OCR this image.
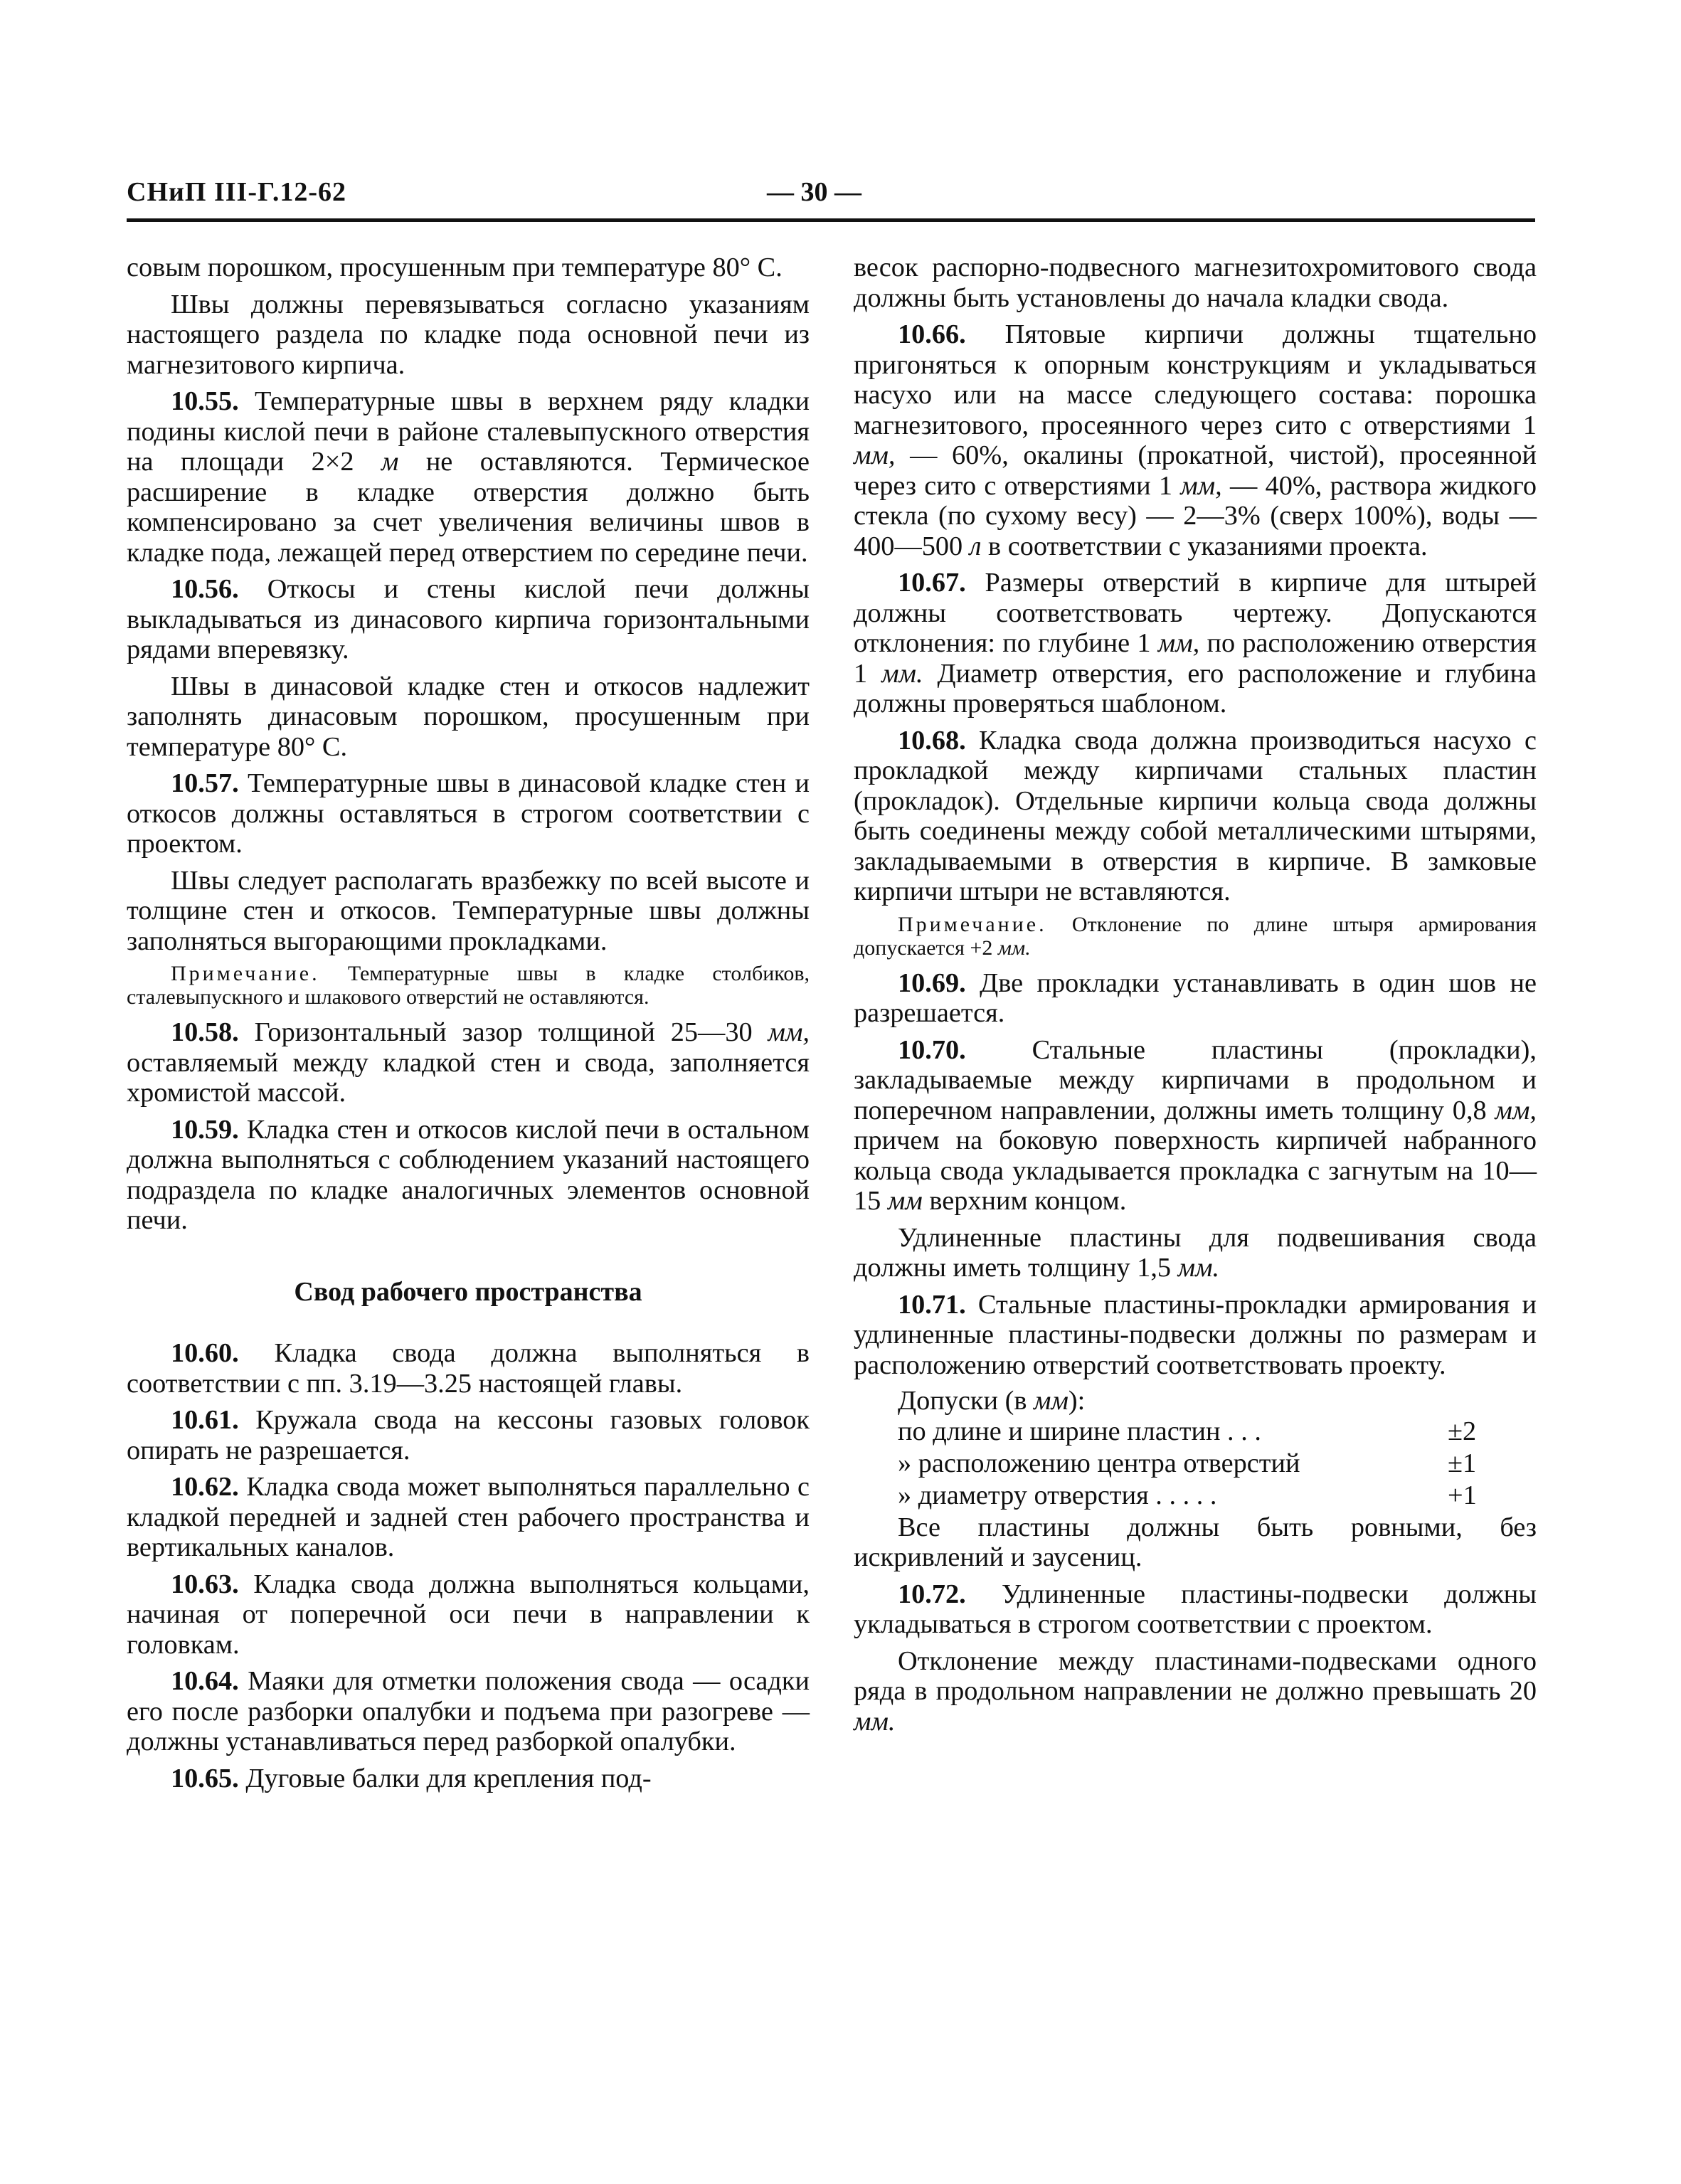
СНиП III-Г.12-62	— 30 —

совым порошком, просушенным при температуре 80° С.

Швы должны перевязываться согласно указаниям настоящего раздела по кладке пода основной печи из магнезитового кирпича.

10.55. Температурные швы в верхнем ряду кладки подины кислой печи в районе сталевыпускного отверстия на площади 2×2 м не оставляются. Термическое расширение в кладке отверстия должно быть компенсировано за счет увеличения величины швов в кладке пода, лежащей перед отверстием по середине печи.

10.56. Откосы и стены кислой печи должны выкладываться из динасового кирпича горизонтальными рядами вперевязку.

Швы в динасовой кладке стен и откосов надлежит заполнять динасовым порошком, просушенным при температуре 80° С.

10.57. Температурные швы в динасовой кладке стен и откосов должны оставляться в строгом соответствии с проектом.

Швы следует располагать вразбежку по всей высоте и толщине стен и откосов. Температурные швы должны заполняться выгорающими прокладками.

Примечание. Температурные швы в кладке столбиков, сталевыпускного и шлакового отверстий не оставляются.

10.58. Горизонтальный зазор толщиной 25—30 мм, оставляемый между кладкой стен и свода, заполняется хромистой массой.

10.59. Кладка стен и откосов кислой печи в остальном должна выполняться с соблюдением указаний настоящего подраздела по кладке аналогичных элементов основной печи.

Свод рабочего пространства

10.60. Кладка свода должна выполняться в соответствии с пп. 3.19—3.25 настоящей главы.

10.61. Кружала свода на кессоны газовых головок опирать не разрешается.

10.62. Кладка свода может выполняться параллельно с кладкой передней и задней стен рабочего пространства и вертикальных каналов.

10.63. Кладка свода должна выполняться кольцами, начиная от поперечной оси печи в направлении к головкам.

10.64. Маяки для отметки положения свода — осадки его после разборки опалубки и подъема при разогреве — должны устанавливаться перед разборкой опалубки.

10.65. Дуговые балки для крепления под-

весок распорно-подвесного магнезитохромитового свода должны быть установлены до начала кладки свода.

10.66. Пятовые кирпичи должны тщательно пригоняться к опорным конструкциям и укладываться насухо или на массе следующего состава: порошка магнезитового, просеянного через сито с отверстиями 1 мм, — 60%, окалины (прокатной, чистой), просеянной через сито с отверстиями 1 мм, — 40%, раствора жидкого стекла (по сухому весу) — 2—3% (сверх 100%), воды — 400—500 л в соответствии с указаниями проекта.

10.67. Размеры отверстий в кирпиче для штырей должны соответствовать чертежу. Допускаются отклонения: по глубине 1 мм, по расположению отверстия 1 мм. Диаметр отверстия, его расположение и глубина должны проверяться шаблоном.

10.68. Кладка свода должна производиться насухо с прокладкой между кирпичами стальных пластин (прокладок). Отдельные кирпичи кольца свода должны быть соединены между собой металлическими штырями, закладываемыми в отверстия в кирпиче. В замковые кирпичи штыри не вставляются.

Примечание. Отклонение по длине штыря армирования допускается +2 мм.

10.69. Две прокладки устанавливать в один шов не разрешается.

10.70. Стальные пластины (прокладки), закладываемые между кирпичами в продольном и поперечном направлении, должны иметь толщину 0,8 мм, причем на боковую поверхность кирпичей набранного кольца свода укладывается прокладка с загнутым на 10—15 мм верхним концом.

Удлиненные пластины для подвешивания свода должны иметь толщину 1,5 мм.

10.71. Стальные пластины-прокладки армирования и удлиненные пластины-подвески должны по размерам и расположению отверстий соответствовать проекту.

Допуски (в мм):

по длине и ширине пластин . . .	±2
» расположению центра отверстий	±1
» диаметру отверстия . . . . .	+1

Все пластины должны быть ровными, без искривлений и заусениц.

10.72. Удлиненные пластины-подвески должны укладываться в строгом соответствии с проектом.

Отклонение между пластинами-подвесками одного ряда в продольном направлении не должно превышать 20 мм.
